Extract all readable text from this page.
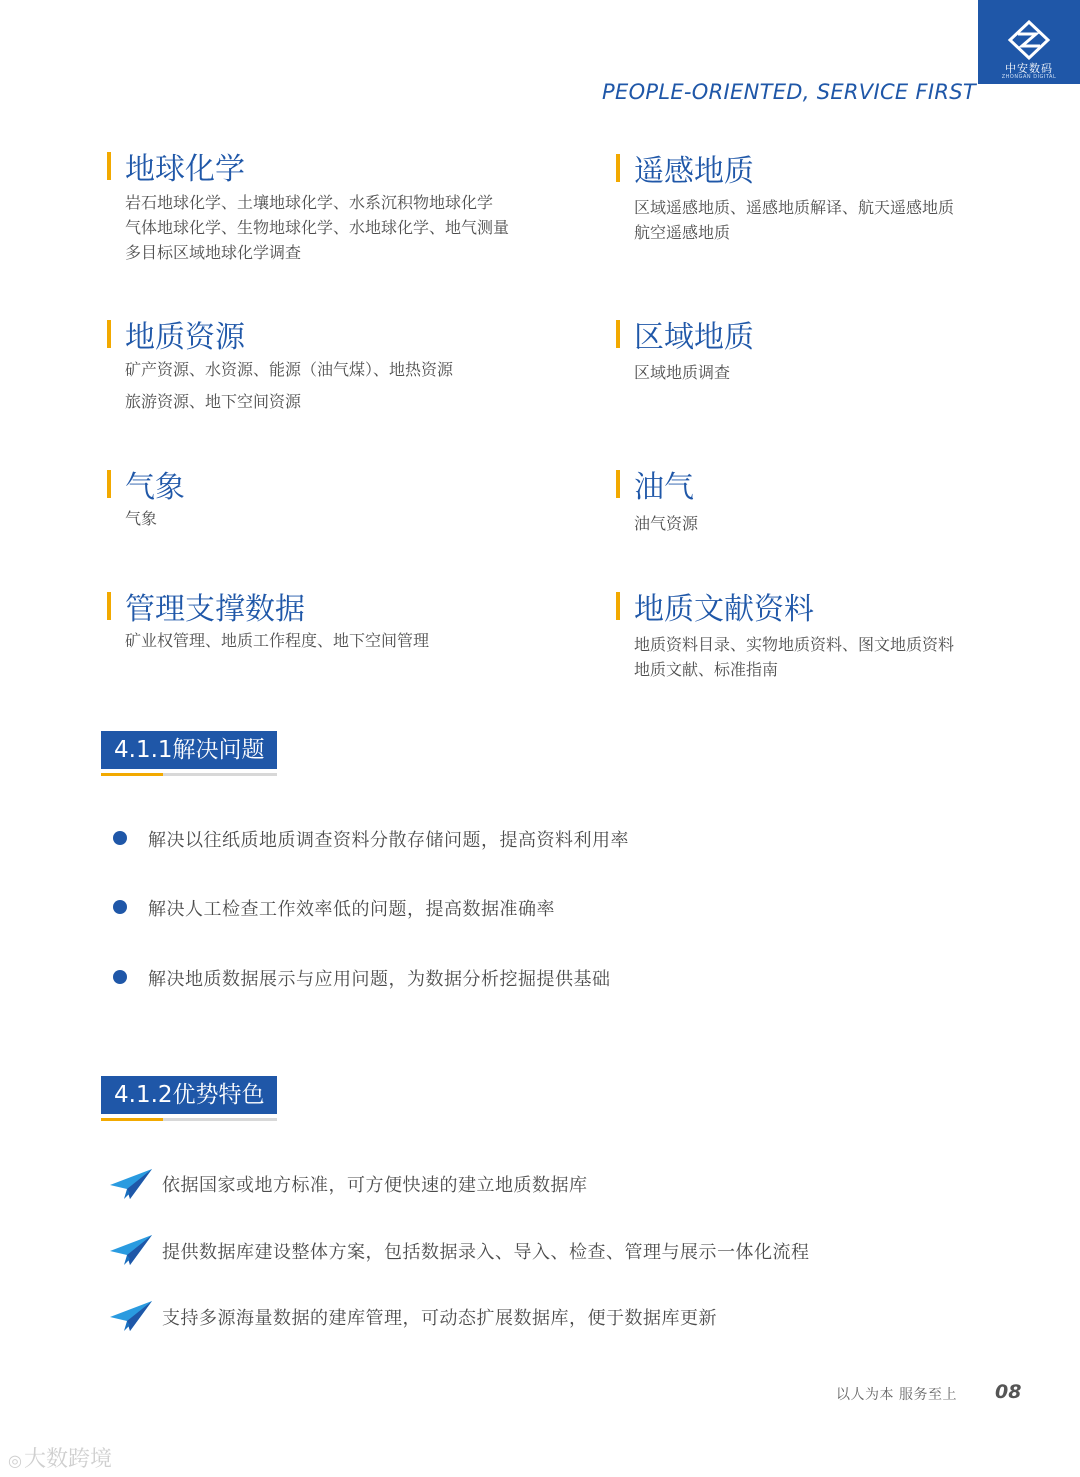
中安数码
ZHONGAN DIGITAL
PEOPLE-ORIENTED, SERVICE FIRST
地球化学
岩石地球化学、土壤地球化学、水系沉积物地球化学
气体地球化学、生物地球化学、水地球化学、地气测量
多目标区域地球化学调查
遥感地质
区域遥感地质、遥感地质解译、航天遥感地质
航空遥感地质
地质资源
矿产资源、水资源、能源（油气煤）、地热资源
旅游资源、地下空间资源
区域地质
区域地质调查
气象
气象
油气
油气资源
管理支撑数据
矿业权管理、地质工作程度、地下空间管理
地质文献资料
地质资料目录、实物地质资料、图文地质资料
地质文献、标准指南
4.1.1解决问题
解决以往纸质地质调查资料分散存储问题，提高资料利用率
解决人工检查工作效率低的问题，提高数据准确率
解决地质数据展示与应用问题，为数据分析挖掘提供基础
4.1.2优势特色
依据国家或地方标准，可方便快速的建立地质数据库
提供数据库建设整体方案，包括数据录入、导入、检查、管理与展示一体化流程
支持多源海量数据的建库管理，可动态扩展数据库，便于数据库更新
以人为本 服务至上 08
◎大数跨境
